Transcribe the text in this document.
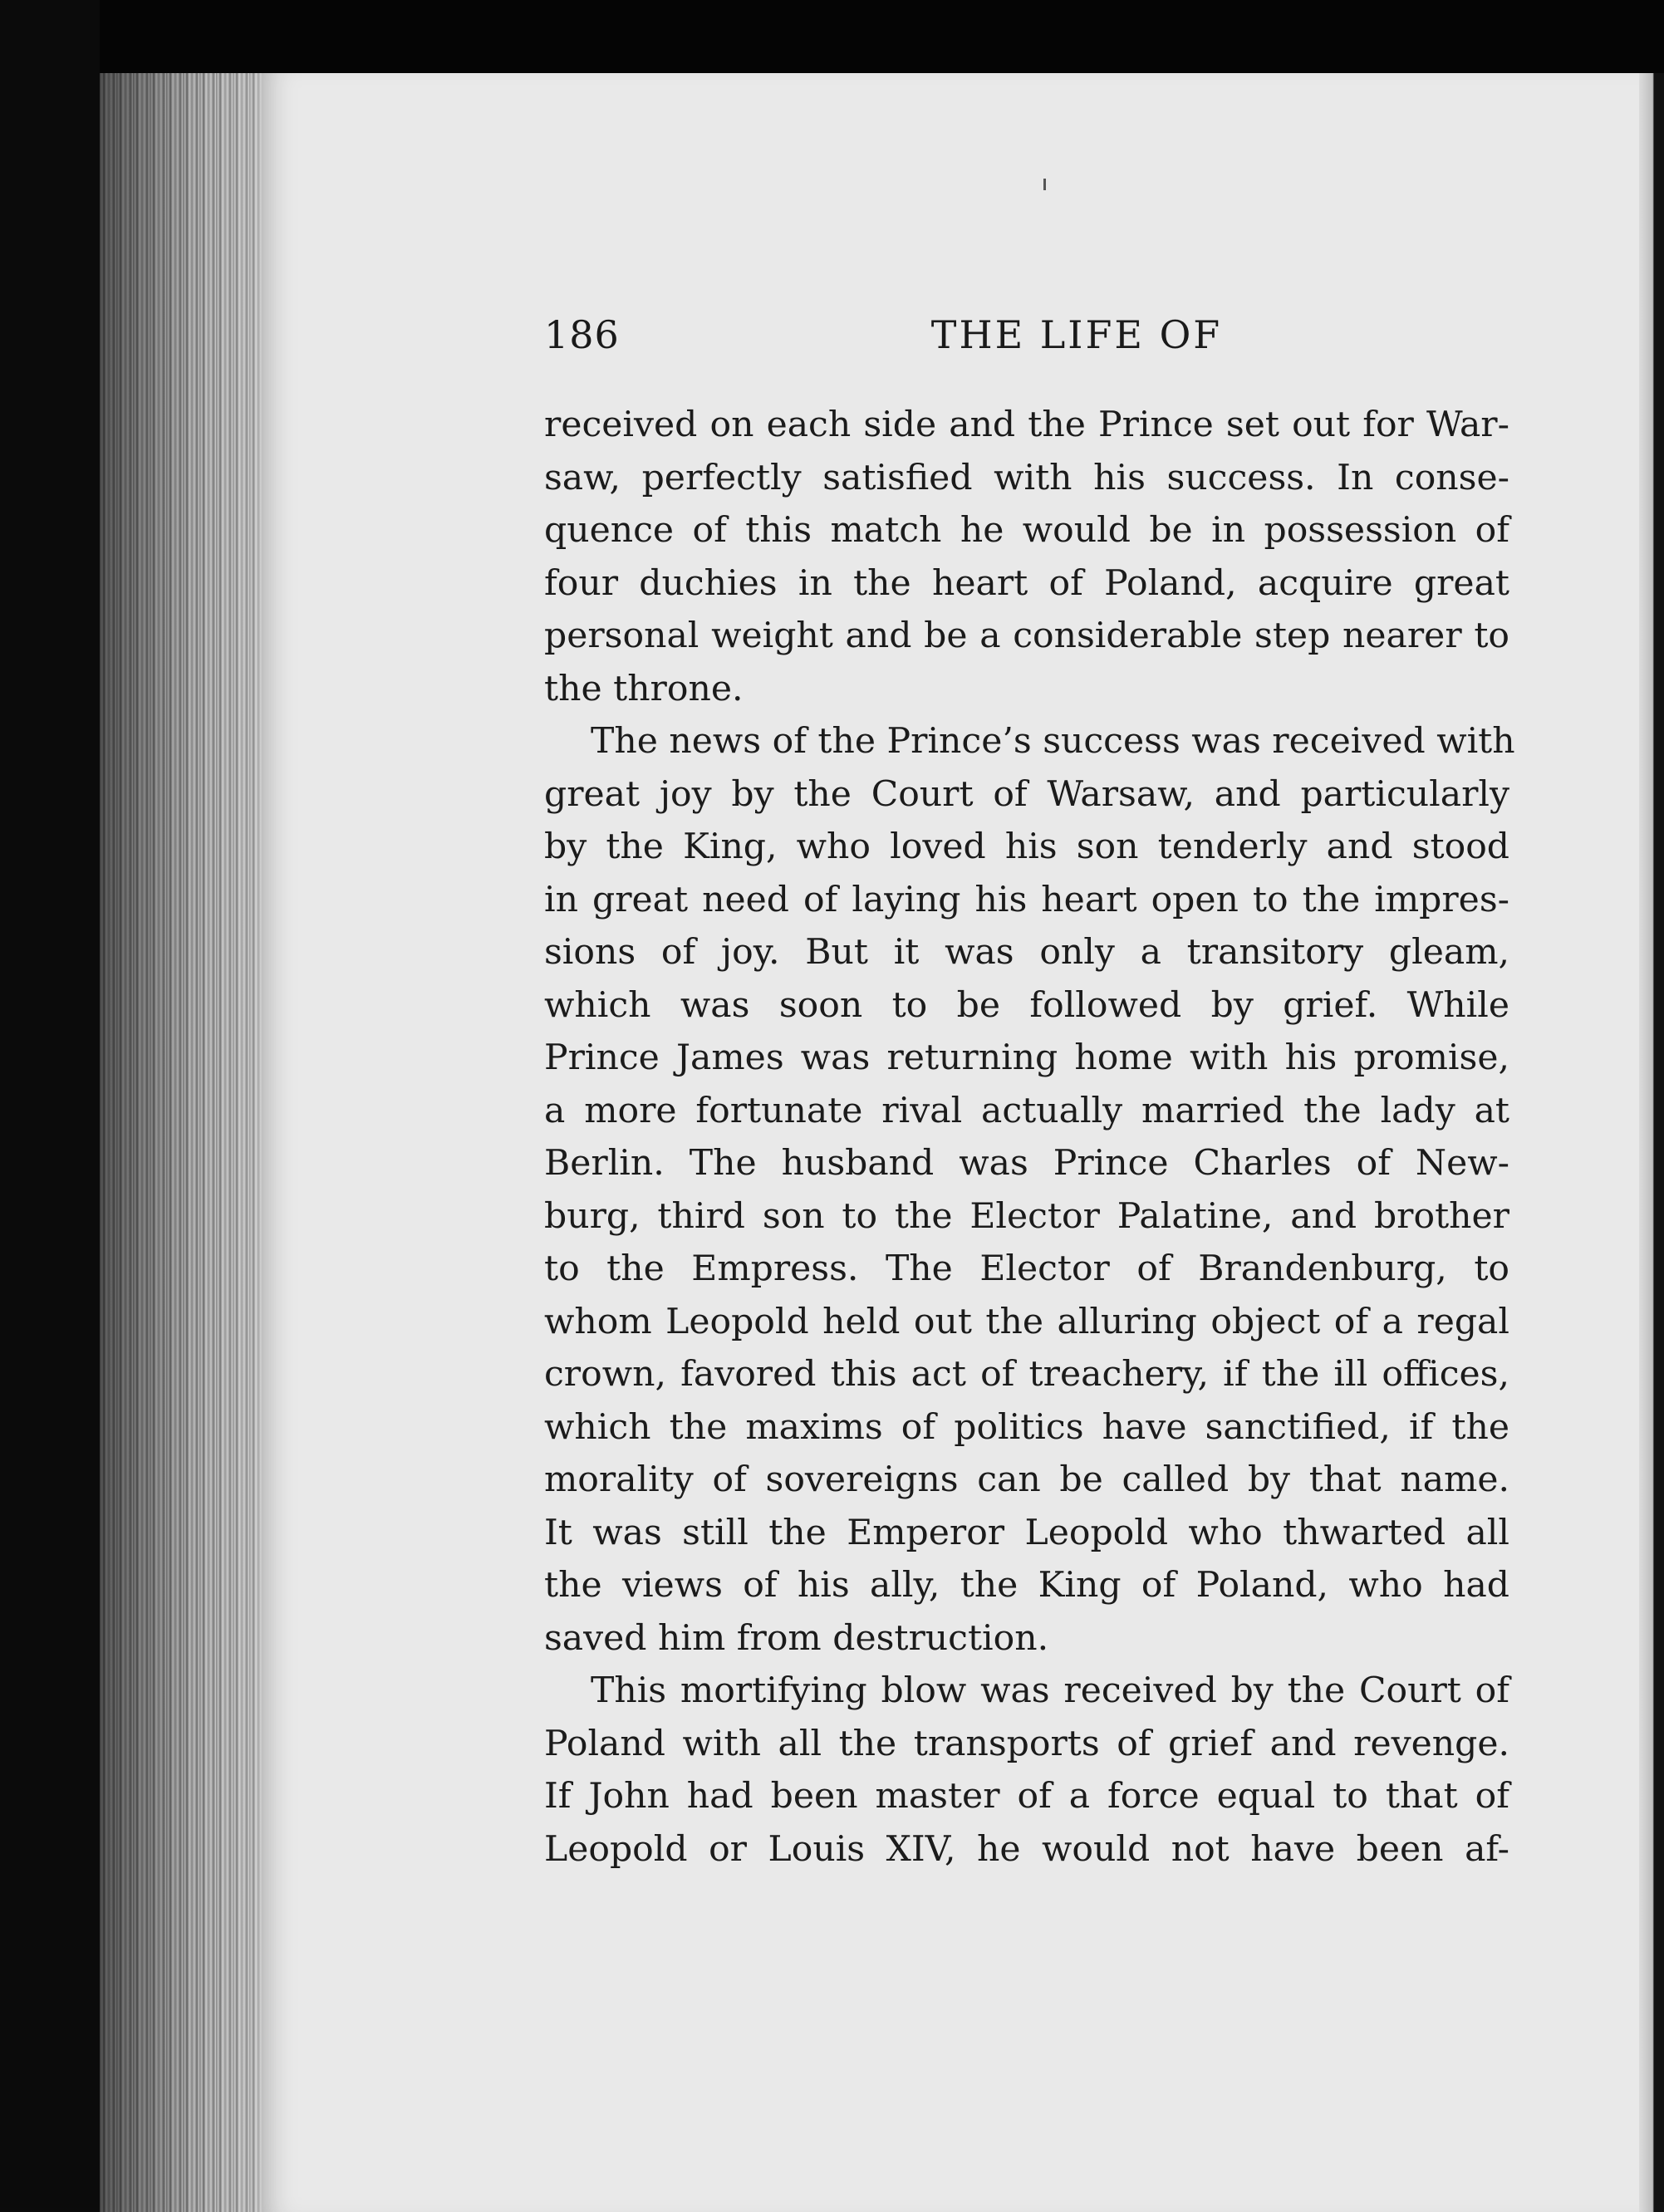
186	THE LIFE OF
received on each side and the Prince set out for War-
saw, perfectly satisfied with his success. In conse-
quence of this match he would be in possession of
four duchies in the heart of Poland, acquire great
personal weight and be a considerable step nearer to
the throne.
The news of the Prince’s success was received with
great joy by the Court of Warsaw, and particularly
by the King, who loved his son tenderly and stood
in great need of laying his heart open to the impres-
sions of joy. But it was only a transitory gleam,
which was soon to be followed by grief. While
Prince James was returning home with his promise,
a more fortunate rival actually married the lady at
Berlin. The husband was Prince Charles of New-
burg, third son to the Elector Palatine, and brother
to the Empress. The Elector of Brandenburg, to
whom Leopold held out the alluring object of a regal
crown, favored this act of treachery, if the ill offices,
which the maxims of politics have sanctified, if the
morality of sovereigns can be called by that name.
It was still the Emperor Leopold who thwarted all
the views of his ally, the King of Poland, who had
saved him from destruction.
This mortifying blow was received by the Court of
Poland with all the transports of grief and revenge.
If John had been master of a force equal to that of
Leopold or Louis XIV, he would not have been af-
